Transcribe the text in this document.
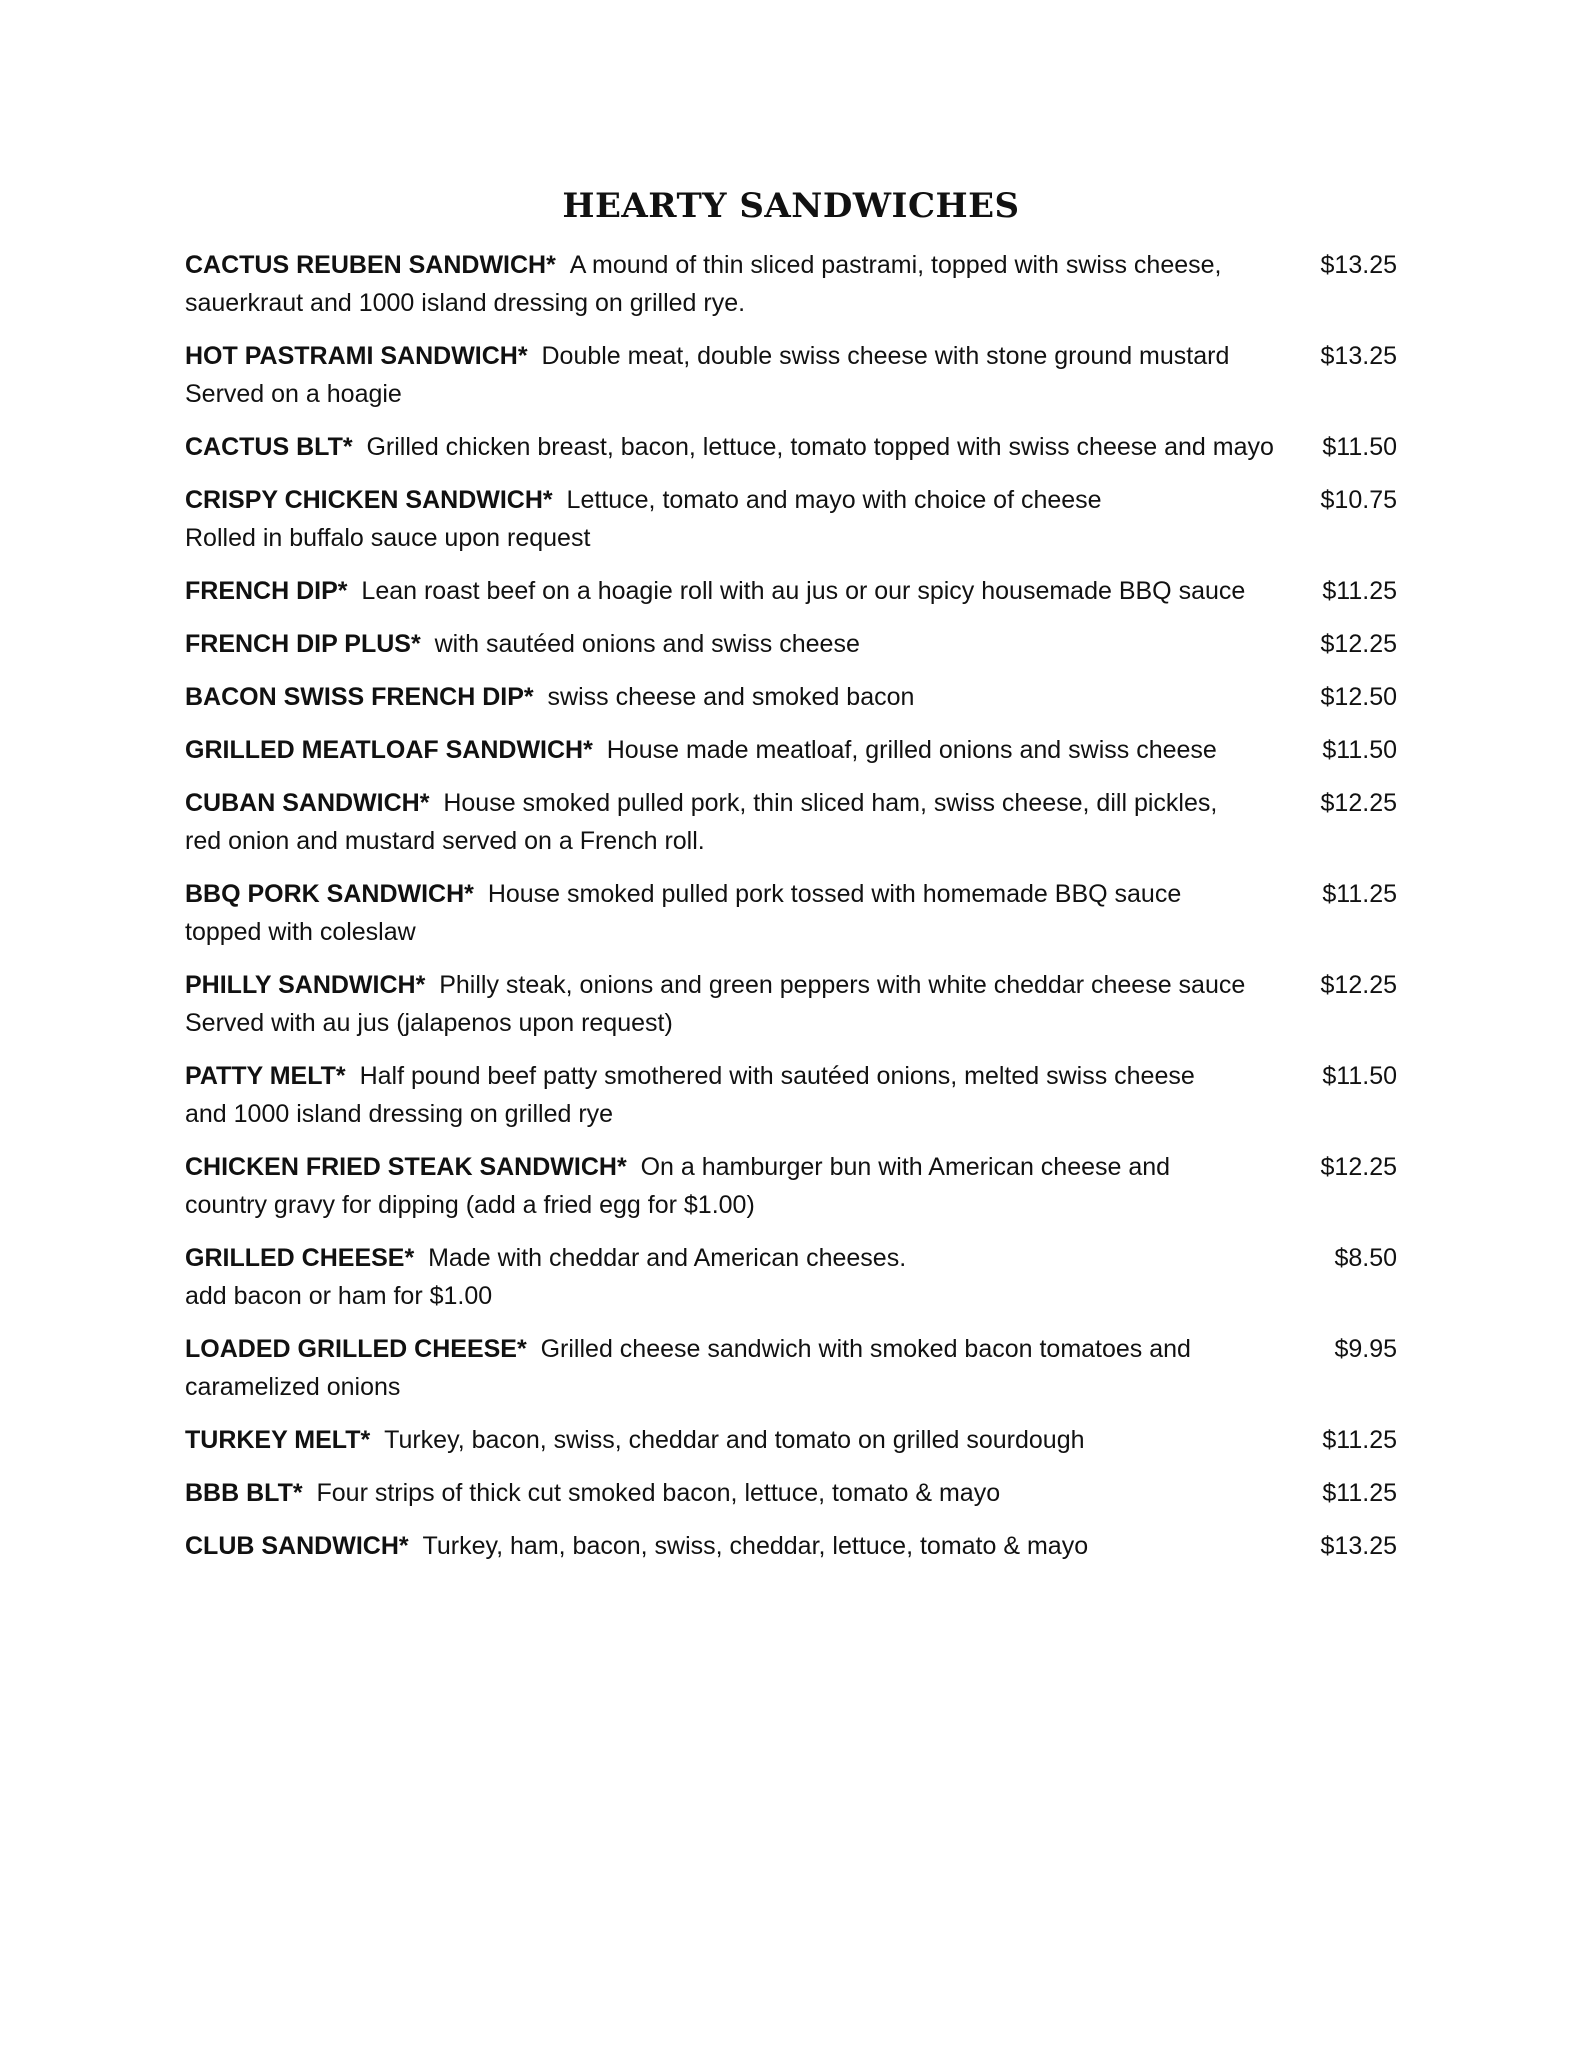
HEARTY SANDWICHES
CACTUS REUBEN SANDWICH* A mound of thin sliced pastrami, topped with swiss cheese,	$13.25
sauerkraut and 1000 island dressing on grilled rye.
HOT PASTRAMI SANDWICH* Double meat, double swiss cheese with stone ground mustard	$13.25
Served on a hoagie
CACTUS BLT* Grilled chicken breast, bacon, lettuce, tomato topped with swiss cheese and mayo	$11.50
CRISPY CHICKEN SANDWICH* Lettuce, tomato and mayo with choice of cheese	$10.75
Rolled in buffalo sauce upon request
FRENCH DIP* Lean roast beef on a hoagie roll with au jus or our spicy housemade BBQ sauce	$11.25
FRENCH DIP PLUS* with sautéed onions and swiss cheese	$12.25
BACON SWISS FRENCH DIP* swiss cheese and smoked bacon	$12.50
GRILLED MEATLOAF SANDWICH* House made meatloaf, grilled onions and swiss cheese	$11.50
CUBAN SANDWICH* House smoked pulled pork, thin sliced ham, swiss cheese, dill pickles,	$12.25
red onion and mustard served on a French roll.
BBQ PORK SANDWICH* House smoked pulled pork tossed with homemade BBQ sauce	$11.25
topped with coleslaw
PHILLY SANDWICH* Philly steak, onions and green peppers with white cheddar cheese sauce	$12.25
Served with au jus (jalapenos upon request)
PATTY MELT* Half pound beef patty smothered with sautéed onions, melted swiss cheese	$11.50
and 1000 island dressing on grilled rye
CHICKEN FRIED STEAK SANDWICH* On a hamburger bun with American cheese and	$12.25
country gravy for dipping (add a fried egg for $1.00)
GRILLED CHEESE* Made with cheddar and American cheeses.	$8.50
add bacon or ham for $1.00
LOADED GRILLED CHEESE* Grilled cheese sandwich with smoked bacon tomatoes and	$9.95
caramelized onions
TURKEY MELT* Turkey, bacon, swiss, cheddar and tomato on grilled sourdough	$11.25
BBB BLT* Four strips of thick cut smoked bacon, lettuce, tomato & mayo	$11.25
CLUB SANDWICH* Turkey, ham, bacon, swiss, cheddar, lettuce, tomato & mayo	$13.25
